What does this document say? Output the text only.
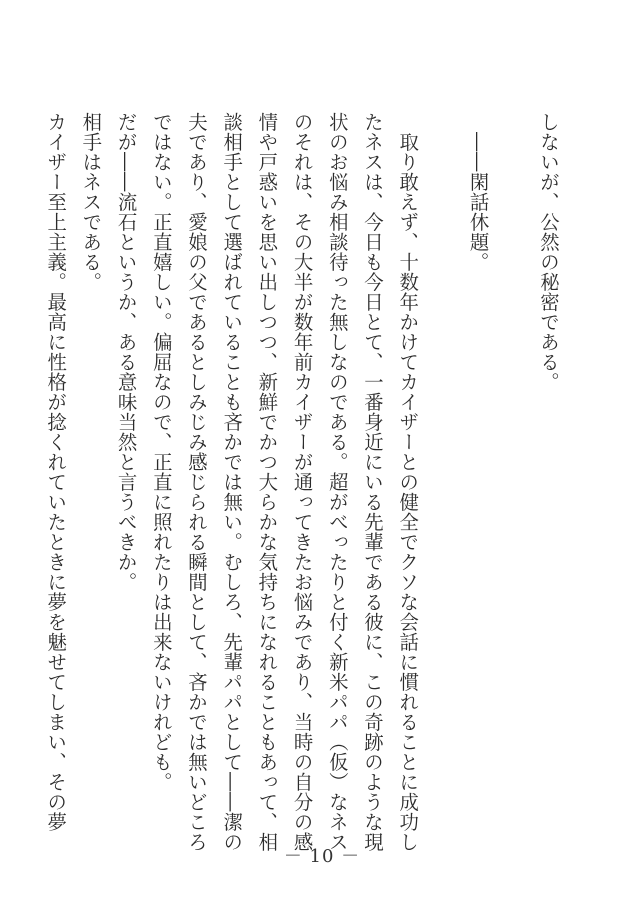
しないが、公然の秘密である。

　――閑話休題。

　取り敢えず、十数年かけてカイザーとの健全でクソな会話に慣れることに成功し

たネスは、今日も今日とて、一番身近にいる先輩である彼に、この奇跡のような現

状のお悩み相談待った無しなのである。超がべったりと付く新米パパ（仮）なネス

のそれは、その大半が数年前カイザーが通ってきたお悩みであり、当時の自分の感

情や戸惑いを思い出しつつ、新鮮でかつ大らかな気持ちになれることもあって、相

談相手として選ばれていることも吝かでは無い。むしろ、先輩パパとして――潔の

夫であり、愛娘の父であるとしみじみ感じられる瞬間として、吝かでは無いどころ

ではない。正直嬉しい。偏屈なので、正直に照れたりは出来ないけれども。

だが――流石というか、ある意味当然と言うべきか。

相手はネスである。

カイザー至上主義。最高に性格が捻くれていたときに夢を魅せてしまい、その夢

－ 10 －
